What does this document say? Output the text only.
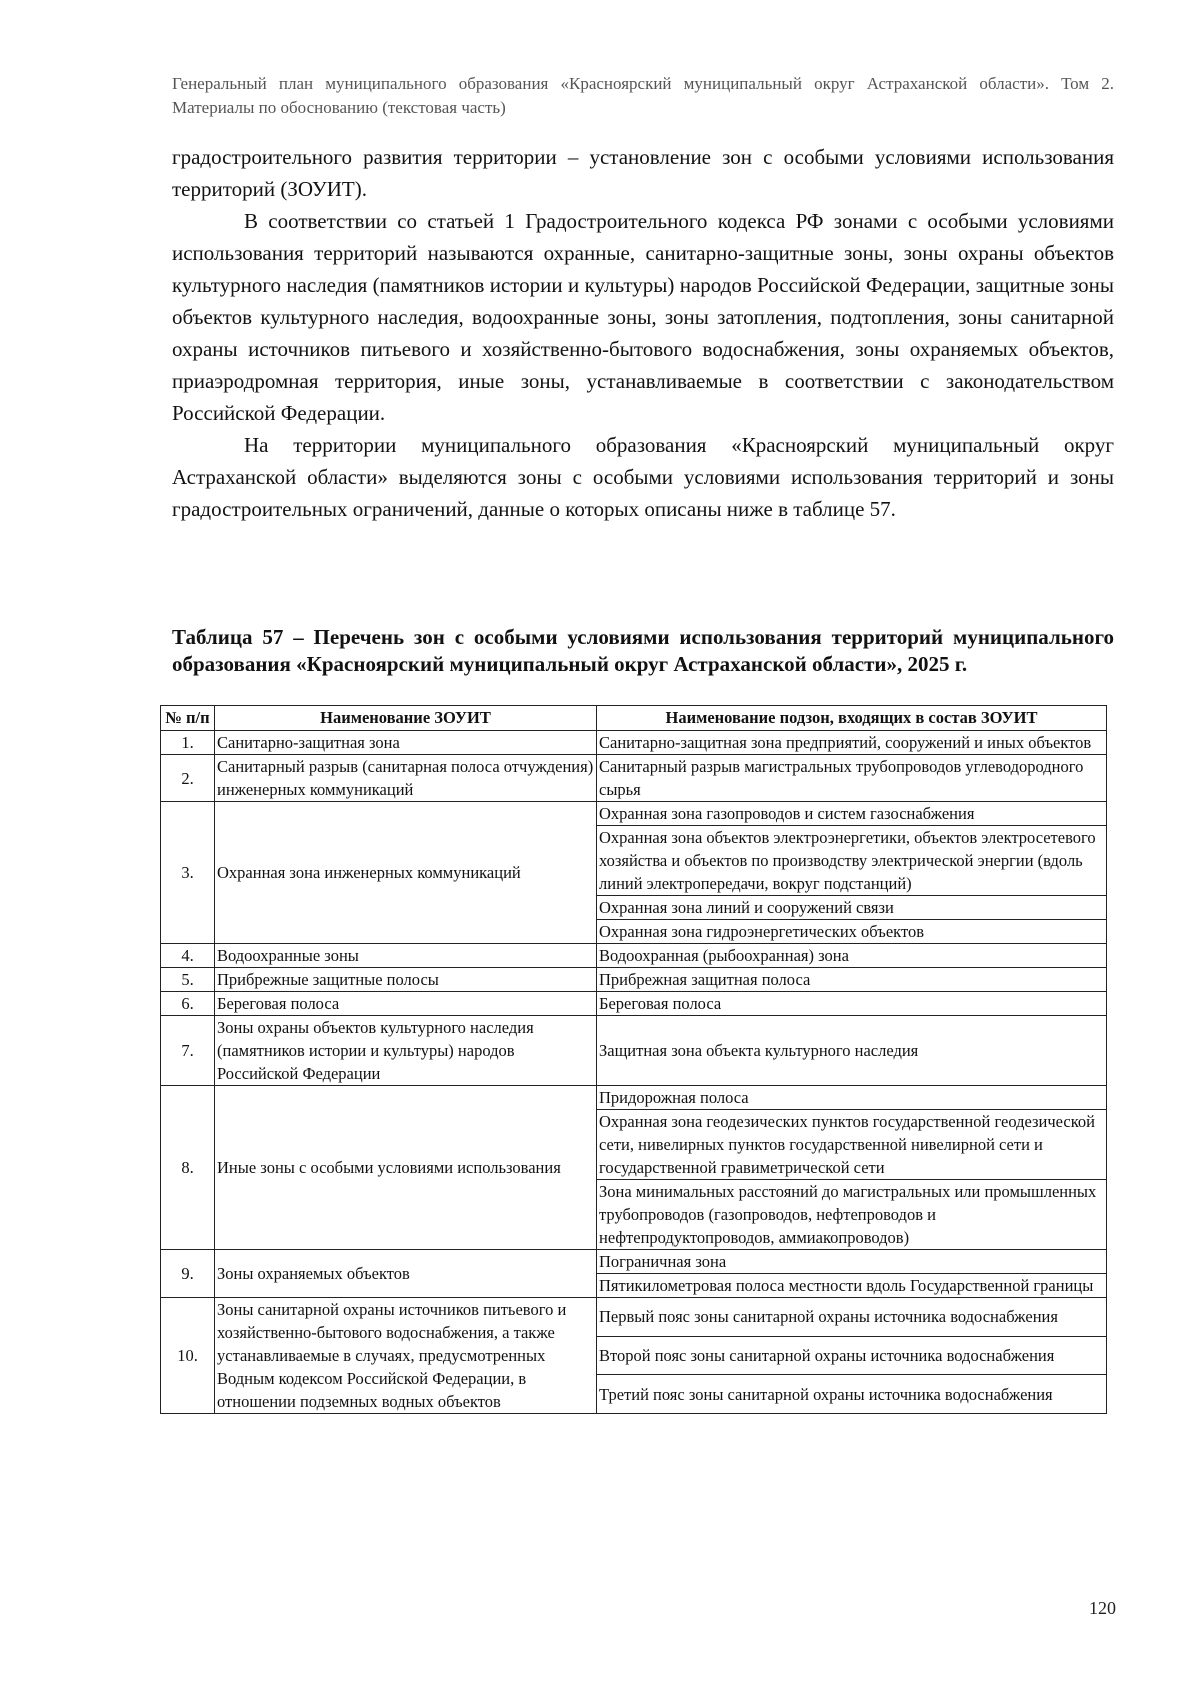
Генеральный план муниципального образования «Красноярский муниципальный округ Астраханской области». Том 2. Материалы по обоснованию (текстовая часть)

градостроительного развития территории – установление зон с особыми условиями использования территорий (ЗОУИТ).

В соответствии со статьей 1 Градостроительного кодекса РФ зонами с особыми условиями использования территорий называются охранные, санитарно-защитные зоны, зоны охраны объектов культурного наследия (памятников истории и культуры) народов Российской Федерации, защитные зоны объектов культурного наследия, водоохранные зоны, зоны затопления, подтопления, зоны санитарной охраны источников питьевого и хозяйственно-бытового водоснабжения, зоны охраняемых объектов, приаэродромная территория, иные зоны, устанавливаемые в соответствии с законодательством Российской Федерации.

На территории муниципального образования «Красноярский муниципальный округ Астраханской области» выделяются зоны с особыми условиями использования территорий и зоны градостроительных ограничений, данные о которых описаны ниже в таблице 57.

Таблица 57 – Перечень зон с особыми условиями использования территорий муниципального образования «Красноярский муниципальный округ Астраханской области», 2025 г.
№ п/п	Наименование ЗОУИТ	Наименование подзон, входящих в состав ЗОУИТ
1.	Санитарно-защитная зона	Санитарно-защитная зона предприятий, сооружений и иных объектов
2.	Санитарный разрыв (санитарная полоса отчуждения) инженерных коммуникаций	Санитарный разрыв магистральных трубопроводов углеводородного сырья
3.	Охранная зона инженерных коммуникаций	Охранная зона газопроводов и систем газоснабжения
		Охранная зона объектов электроэнергетики, объектов электросетевого хозяйства и объектов по производству электрической энергии (вдоль линий электропередачи, вокруг подстанций)
		Охранная зона линий и сооружений связи
		Охранная зона гидроэнергетических объектов
4.	Водоохранные зоны	Водоохранная (рыбоохранная) зона
5.	Прибрежные защитные полосы	Прибрежная защитная полоса
6.	Береговая полоса	Береговая полоса
7.	Зоны охраны объектов культурного наследия (памятников истории и культуры) народов Российской Федерации	Защитная зона объекта культурного наследия
8.	Иные зоны с особыми условиями использования	Придорожная полоса
		Охранная зона геодезических пунктов государственной геодезической сети, нивелирных пунктов государственной нивелирной сети и государственной гравиметрической сети
		Зона минимальных расстояний до магистральных или промышленных трубопроводов (газопроводов, нефтепроводов и нефтепродуктопроводов, аммиакопроводов)
9.	Зоны охраняемых объектов	Пограничная зона
		Пятикилометровая полоса местности вдоль Государственной границы
10.	Зоны санитарной охраны источников питьевого и хозяйственно-бытового водоснабжения, а также устанавливаемые в случаях, предусмотренных Водным кодексом Российской Федерации, в отношении подземных водных объектов	Первый пояс зоны санитарной охраны источника водоснабжения
		Второй пояс зоны санитарной охраны источника водоснабжения
		Третий пояс зоны санитарной охраны источника водоснабжения
120
